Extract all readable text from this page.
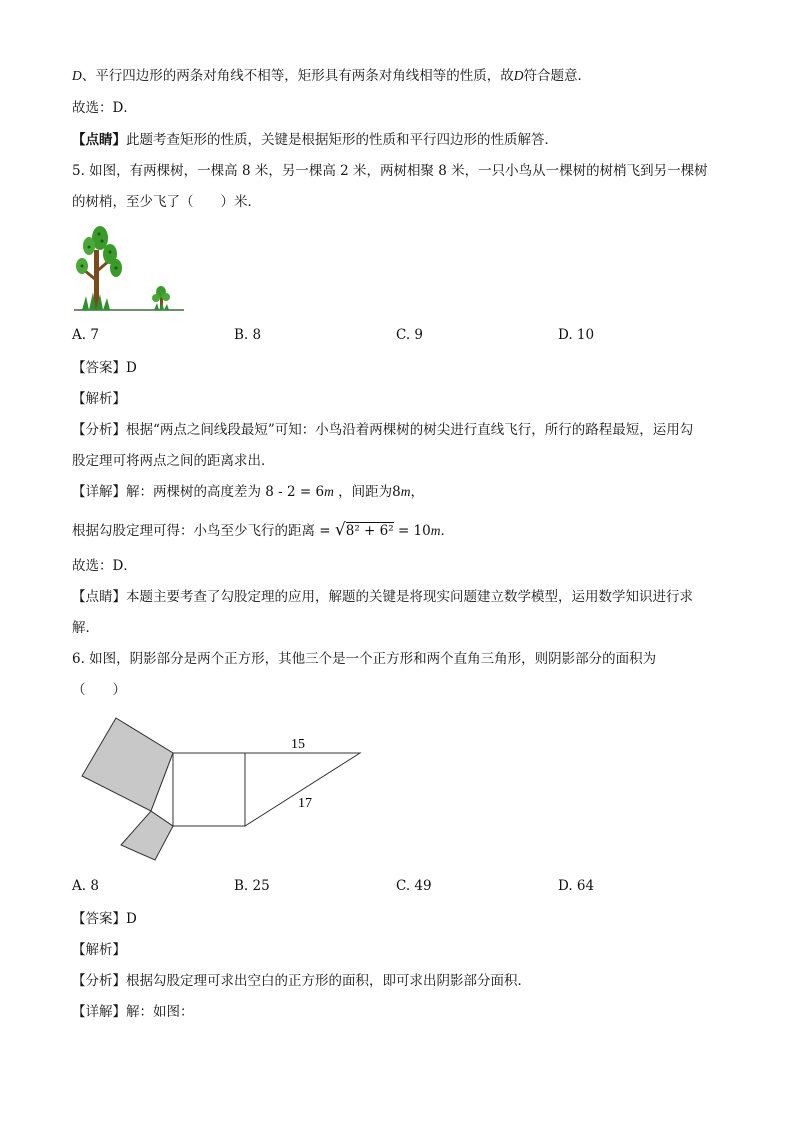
D、平行四边形的两条对角线不相等，矩形具有两条对角线相等的性质，故D符合题意．
故选：D．
【点睛】此题考查矩形的性质，关键是根据矩形的性质和平行四边形的性质解答．
5. 如图，有两棵树，一棵高 8 米，另一棵高 2 米，两树相聚 8 米，一只小鸟从一棵树的树梢飞到另一棵树
的树梢，至少飞了（　　）米．
A. 7	B. 8	C. 9	D. 10
【答案】D
【解析】
【分析】根据“两点之间线段最短”可知：小鸟沿着两棵树的树尖进行直线飞行，所行的路程最短，运用勾
股定理可将两点之间的距离求出．
【详解】解：两棵树的高度差为 8 - 2 = 6m ，间距为8m，
根据勾股定理可得：小鸟至少飞行的距离 = √8² + 6² = 10m．
故选：D．
【点睛】本题主要考查了勾股定理的应用，解题的关键是将现实问题建立数学模型，运用数学知识进行求
解．
6. 如图，阴影部分是两个正方形，其他三个是一个正方形和两个直角三角形，则阴影部分的面积为
（　　）
15
17
A. 8	B. 25	C. 49	D. 64
【答案】D
【解析】
【分析】根据勾股定理可求出空白的正方形的面积，即可求出阴影部分面积．
【详解】解：如图：
